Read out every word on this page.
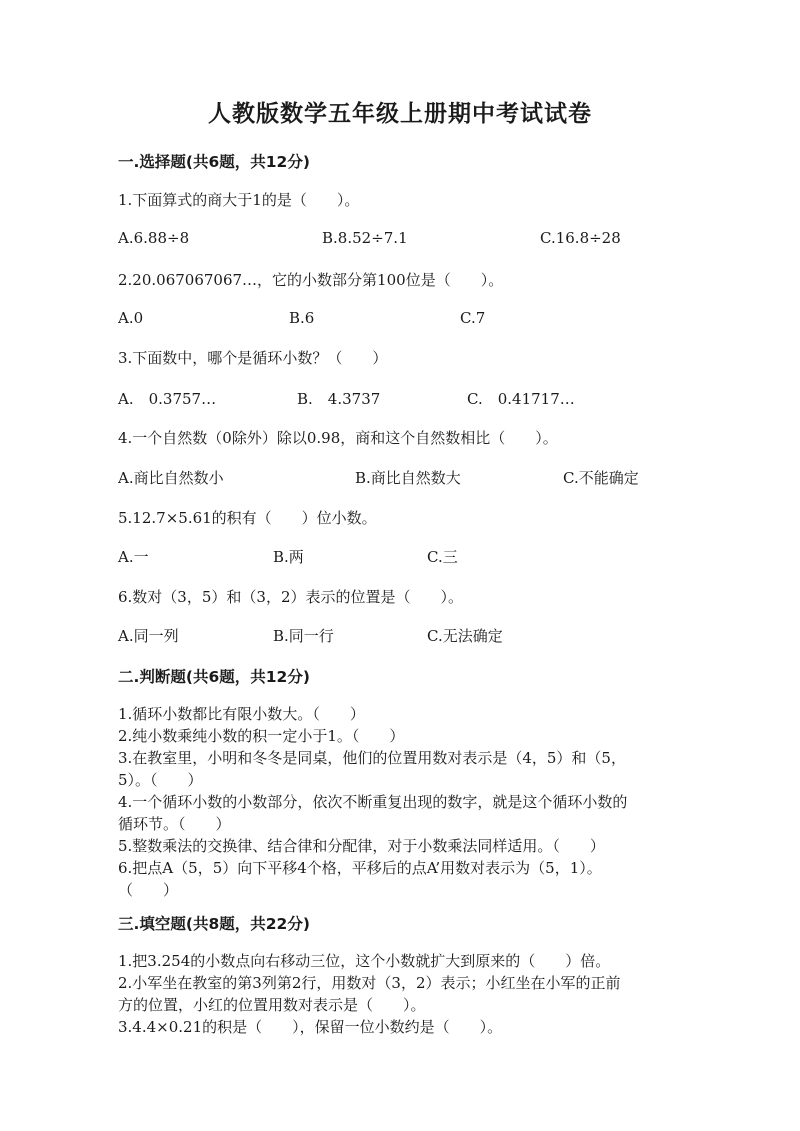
人教版数学五年级上册期中考试试卷
一.选择题(共6题，共12分)
1.下面算式的商大于1的是（　　）。
A.6.88÷8	B.8.52÷7.1	C.16.8÷28
2.20.067067067…，它的小数部分第100位是（　　）。
A.0	B.6	C.7
3.下面数中，哪个是循环小数？（　　）
A.　0.3757…	B.　4.3737	C.　0.41717…
4.一个自然数（0除外）除以0.98，商和这个自然数相比（　　）。
A.商比自然数小	B.商比自然数大	C.不能确定
5.12.7×5.61的积有（　　）位小数。
A.一	B.两	C.三
6.数对（3，5）和（3，2）表示的位置是（　　）。
A.同一列	B.同一行	C.无法确定
二.判断题(共6题，共12分)
1.循环小数都比有限小数大。（　　）
2.纯小数乘纯小数的积一定小于1。（　　）
3.在教室里，小明和冬冬是同桌，他们的位置用数对表示是（4，5）和（5，
5）。（　　）
4.一个循环小数的小数部分，依次不断重复出现的数字，就是这个循环小数的
循环节。（　　）
5.整数乘法的交换律、结合律和分配律，对于小数乘法同样适用。（　　）
6.把点A（5，5）向下平移4个格，平移后的点A’用数对表示为（5，1）。
（　　）
三.填空题(共8题，共22分)
1.把3.254的小数点向右移动三位，这个小数就扩大到原来的（　　）倍。
2.小军坐在教室的第3列第2行，用数对（3，2）表示；小红坐在小军的正前
方的位置，小红的位置用数对表示是（　　）。
3.4.4×0.21的积是（　　），保留一位小数约是（　　）。
